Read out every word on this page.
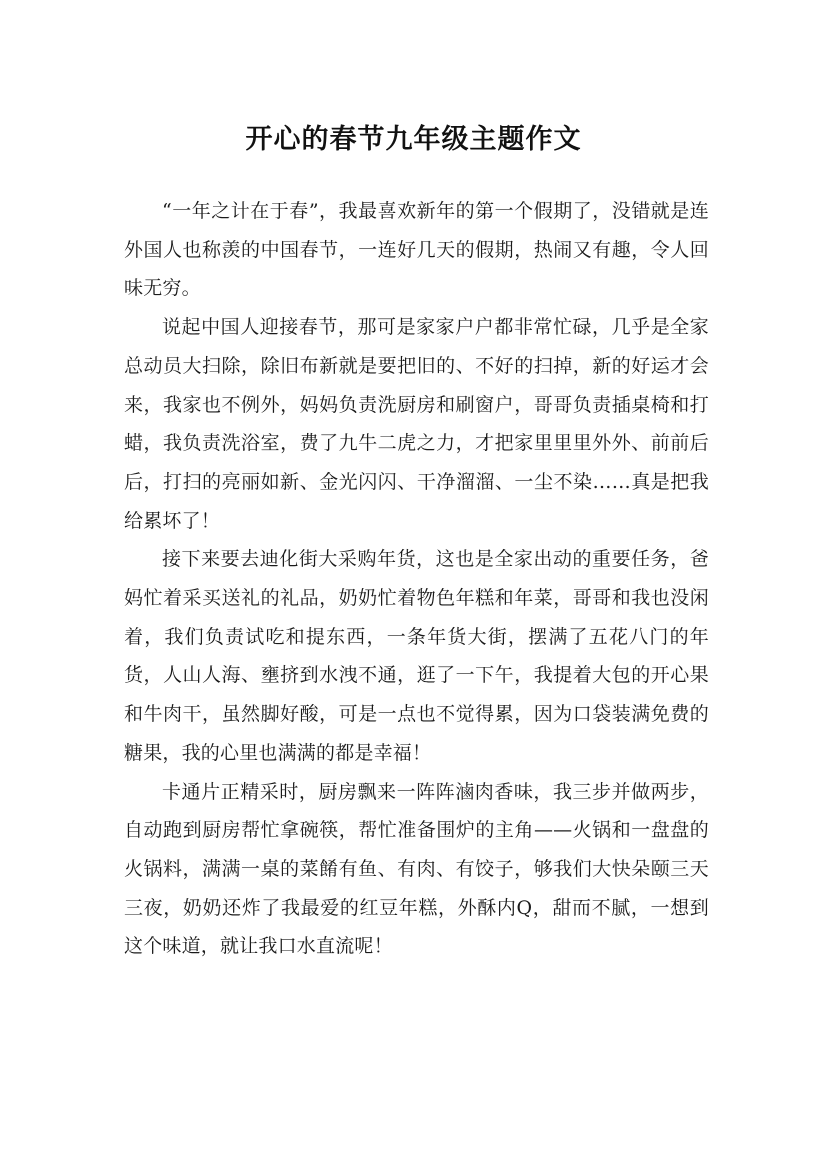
开心的春节九年级主题作文

“一年之计在于春”，我最喜欢新年的第一个假期了，没错就是连外国人也称羡的中国春节，一连好几天的假期，热闹又有趣，令人回味无穷。

说起中国人迎接春节，那可是家家户户都非常忙碌，几乎是全家总动员大扫除，除旧布新就是要把旧的、不好的扫掉，新的好运才会来，我家也不例外，妈妈负责洗厨房和刷窗户，哥哥负责插桌椅和打蜡，我负责洗浴室，费了九牛二虎之力，才把家里里里外外、前前后后，打扫的亮丽如新、金光闪闪、干净溜溜、一尘不染……真是把我给累坏了！

接下来要去迪化街大采购年货，这也是全家出动的重要任务，爸妈忙着采买送礼的礼品，奶奶忙着物色年糕和年菜，哥哥和我也没闲着，我们负责试吃和提东西，一条年货大街，摆满了五花八门的年货，人山人海、壅挤到水洩不通，逛了一下午，我提着大包的开心果和牛肉干，虽然脚好酸，可是一点也不觉得累，因为口袋装满免费的糖果，我的心里也满满的都是幸福！

卡通片正精采时，厨房飘来一阵阵滷肉香味，我三步并做两步，自动跑到厨房帮忙拿碗筷，帮忙准备围炉的主角——火锅和一盘盘的火锅料，满满一桌的菜餚有鱼、有肉、有饺子，够我们大快朵颐三天三夜，奶奶还炸了我最爱的红豆年糕，外酥内Q，甜而不腻，一想到这个味道，就让我口水直流呢！
